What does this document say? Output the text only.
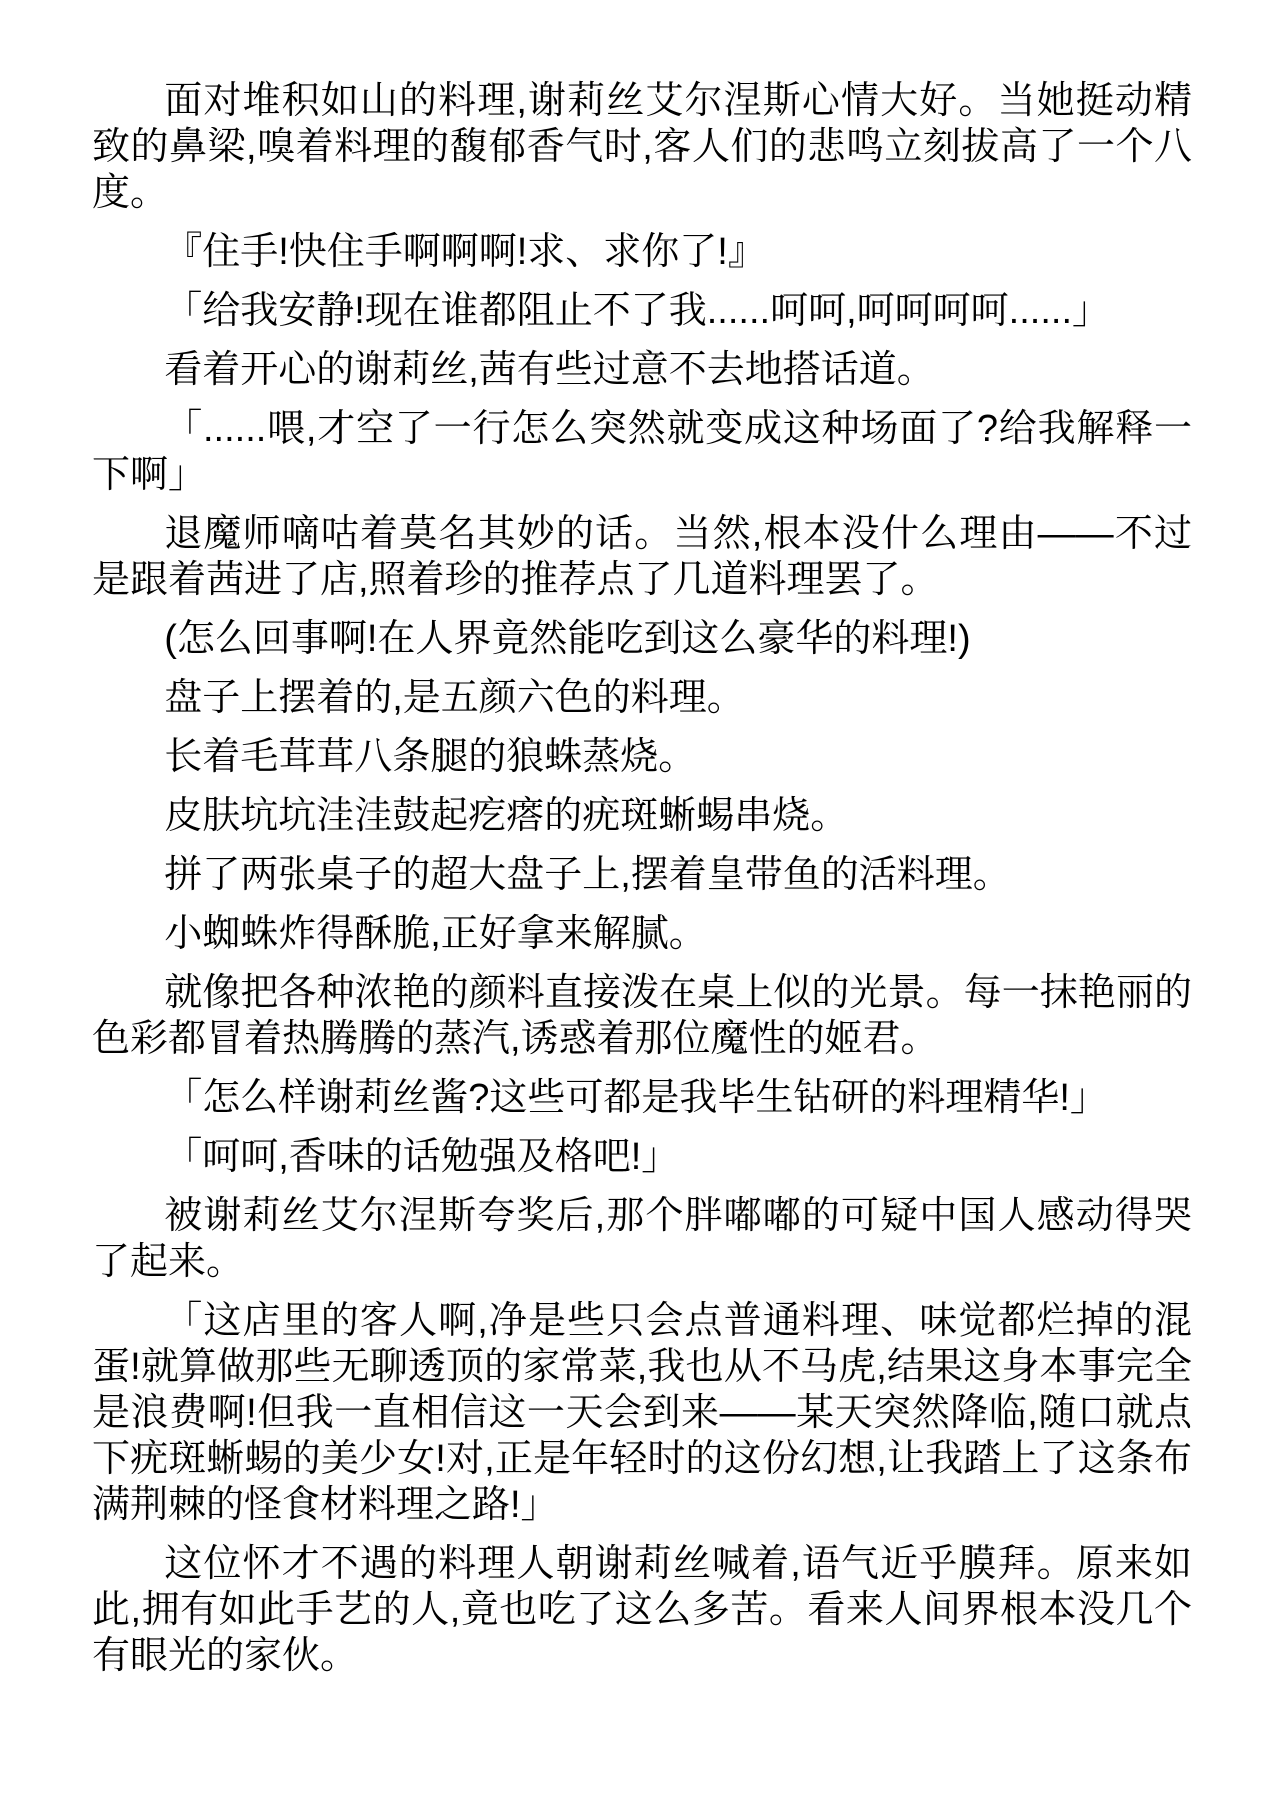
面对堆积如山的料理,谢莉丝艾尔涅斯心情大好。当她挺动精致的鼻梁,嗅着料理的馥郁香气时,客人们的悲鸣立刻拔高了一个八度。

『住手!快住手啊啊啊!求、求你了!』

「给我安静!现在谁都阻止不了我......呵呵,呵呵呵呵......」

看着开心的谢莉丝,茜有些过意不去地搭话道。

「......喂,才空了一行怎么突然就变成这种场面了?给我解释一下啊」

退魔师嘀咕着莫名其妙的话。当然,根本没什么理由——不过是跟着茜进了店,照着珍的推荐点了几道料理罢了。

(怎么回事啊!在人界竟然能吃到这么豪华的料理!)

盘子上摆着的,是五颜六色的料理。

长着毛茸茸八条腿的狼蛛蒸烧。

皮肤坑坑洼洼鼓起疙瘩的疣斑蜥蜴串烧。

拼了两张桌子的超大盘子上,摆着皇带鱼的活料理。

小蜘蛛炸得酥脆,正好拿来解腻。

就像把各种浓艳的颜料直接泼在桌上似的光景。每一抹艳丽的色彩都冒着热腾腾的蒸汽,诱惑着那位魔性的姬君。

「怎么样谢莉丝酱?这些可都是我毕生钻研的料理精华!」

「呵呵,香味的话勉强及格吧!」

被谢莉丝艾尔涅斯夸奖后,那个胖嘟嘟的可疑中国人感动得哭了起来。

「这店里的客人啊,净是些只会点普通料理、味觉都烂掉的混蛋!就算做那些无聊透顶的家常菜,我也从不马虎,结果这身本事完全是浪费啊!但我一直相信这一天会到来——某天突然降临,随口就点下疣斑蜥蜴的美少女!对,正是年轻时的这份幻想,让我踏上了这条布满荆棘的怪食材料理之路!」

这位怀才不遇的料理人朝谢莉丝喊着,语气近乎膜拜。原来如此,拥有如此手艺的人,竟也吃了这么多苦。看来人间界根本没几个有眼光的家伙。
